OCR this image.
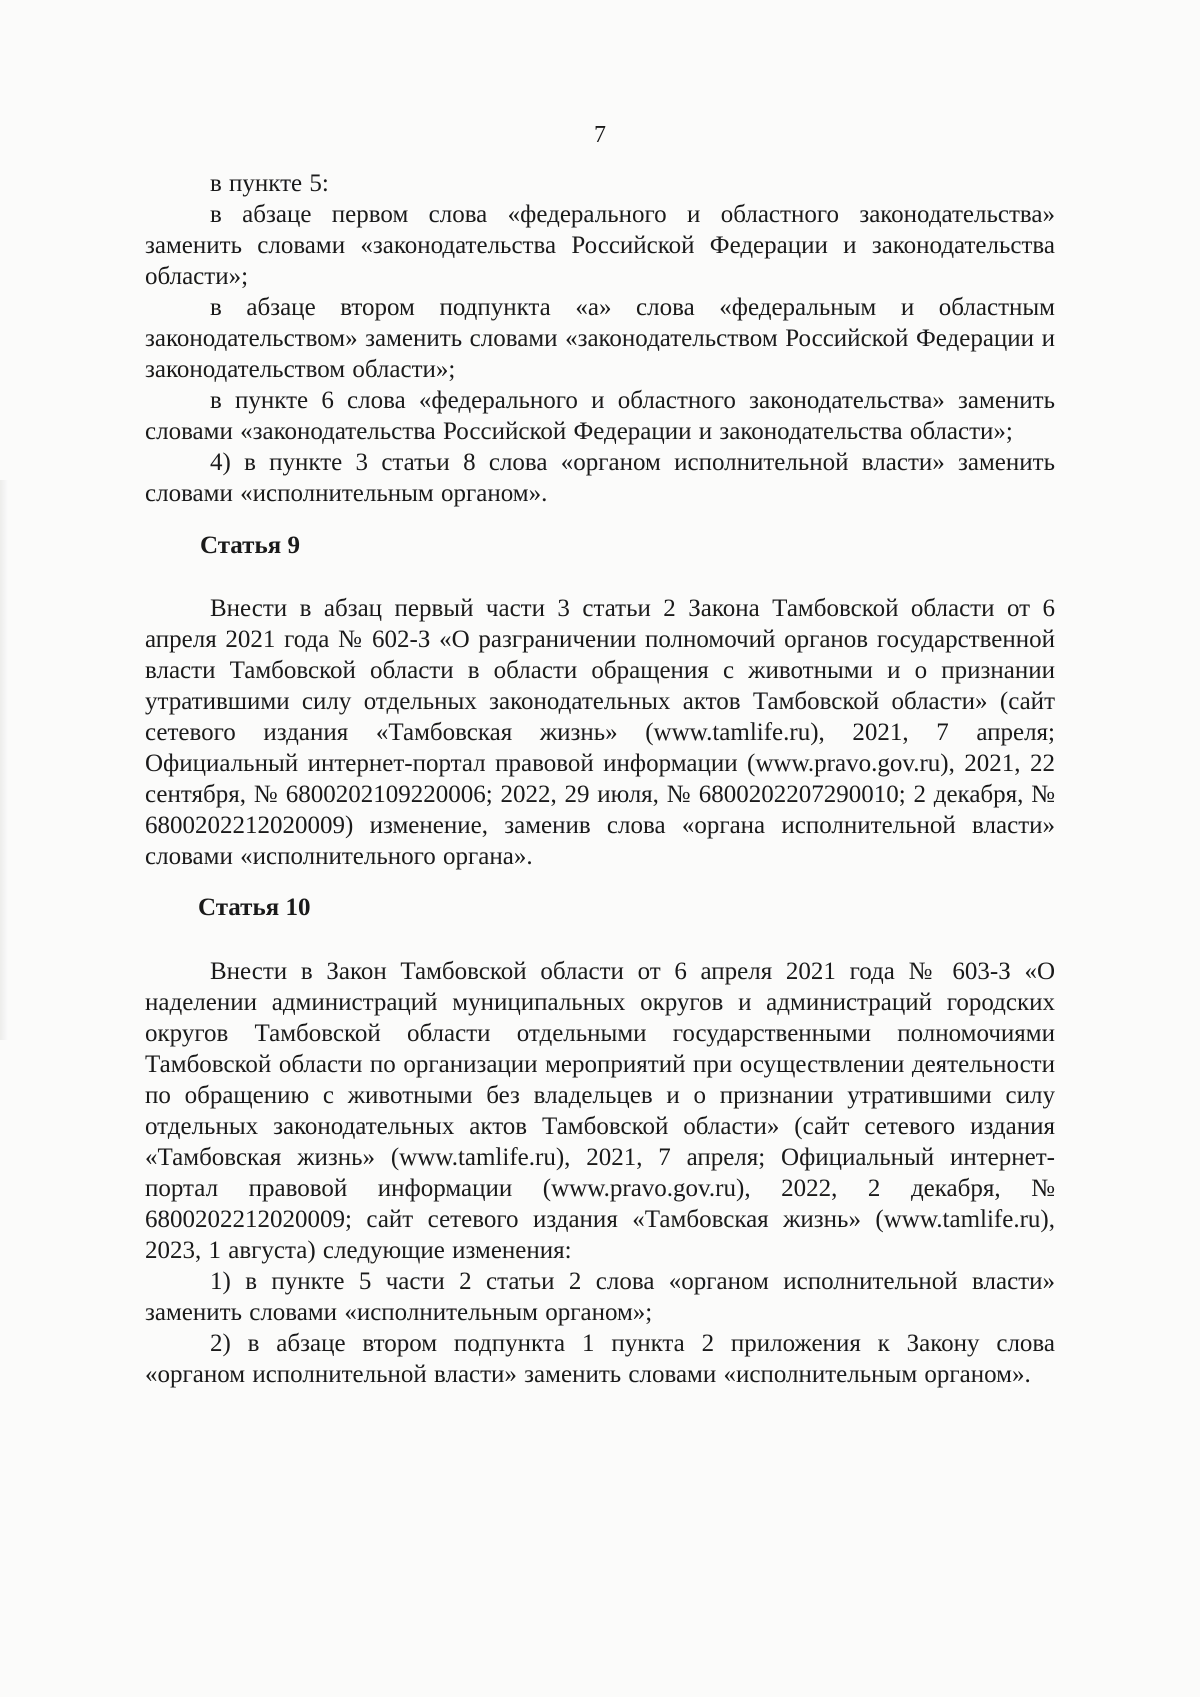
7

в пункте 5:

в абзаце первом слова «федерального и областного законодательства» заменить словами «законодательства Российской Федерации и законодательства области»;

в абзаце втором подпункта «а» слова «федеральным и областным законодательством» заменить словами «законодательством Российской Федерации и законодательством области»;

в пункте 6 слова «федерального и областного законодательства» заменить словами «законодательства Российской Федерации и законодательства области»;

4) в пункте 3 статьи 8 слова «органом исполнительной власти» заменить словами «исполнительным органом».

Статья 9

Внести в абзац первый части 3 статьи 2 Закона Тамбовской области от 6 апреля 2021 года № 602-З «О разграничении полномочий органов государственной власти Тамбовской области в области обращения с животными и о признании утратившими силу отдельных законодательных актов Тамбовской области» (сайт сетевого издания «Тамбовская жизнь» (www.tamlife.ru), 2021, 7 апреля; Официальный интернет-портал правовой информации (www.pravo.gov.ru), 2021, 22 сентября, № 6800202109220006; 2022, 29 июля, № 6800202207290010; 2 декабря, № 6800202212020009) изменение, заменив слова «органа исполнительной власти» словами «исполнительного органа».

Статья 10

Внести в Закон Тамбовской области от 6 апреля 2021 года № 603-З «О наделении администраций муниципальных округов и администраций городских округов Тамбовской области отдельными государственными полномочиями Тамбовской области по организации мероприятий при осуществлении деятельности по обращению с животными без владельцев и о признании утратившими силу отдельных законодательных актов Тамбовской области» (сайт сетевого издания «Тамбовская жизнь» (www.tamlife.ru), 2021, 7 апреля; Официальный интернет-портал правовой информации (www.pravo.gov.ru), 2022, 2 декабря, № 6800202212020009; сайт сетевого издания «Тамбовская жизнь» (www.tamlife.ru), 2023, 1 августа) следующие изменения:

1) в пункте 5 части 2 статьи 2 слова «органом исполнительной власти» заменить словами «исполнительным органом»;

2) в абзаце втором подпункта 1 пункта 2 приложения к Закону слова «органом исполнительной власти» заменить словами «исполнительным органом».
